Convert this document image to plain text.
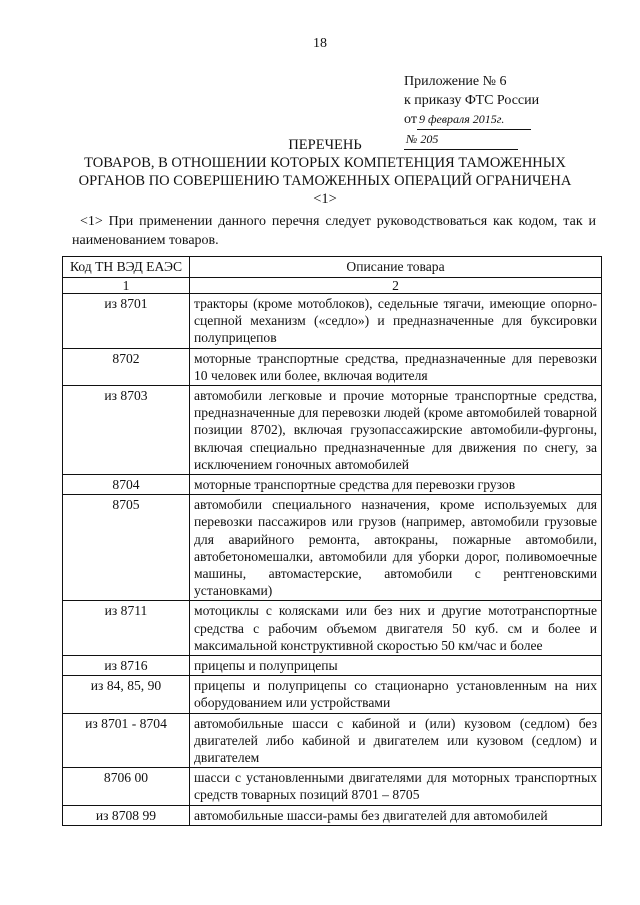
18
Приложение № 6
к приказу ФТС России
от 9 февраля 2015г.№ 205
ПЕРЕЧЕНЬ
ТОВАРОВ, В ОТНОШЕНИИ КОТОРЫХ КОМПЕТЕНЦИЯ ТАМОЖЕННЫХ
ОРГАНОВ ПО СОВЕРШЕНИЮ ТАМОЖЕННЫХ ОПЕРАЦИЙ ОГРАНИЧЕНА
<1>
<1> При применении данного перечня следует руководствоваться как кодом, так и наименованием товаров.
Код ТН ВЭД ЕАЭС	Описание товара
1	2
из 8701	тракторы (кроме мотоблоков), седельные тягачи, имеющие опорно-сцепной механизм («седло») и предназначенные для буксировки полуприцепов
8702	моторные транспортные средства, предназначенные для перевозки 10 человек или более, включая водителя
из 8703	автомобили легковые и прочие моторные транспортные средства, предназначенные для перевозки людей (кроме автомобилей товарной позиции 8702), включая грузопассажирские автомобили-фургоны, включая специально предназначенные для движения по снегу, за исключением гоночных автомобилей
8704	моторные транспортные средства для перевозки грузов
8705	автомобили специального назначения, кроме используемых для перевозки пассажиров или грузов (например, автомобили грузовые для аварийного ремонта, автокраны, пожарные автомобили, автобетономешалки, автомобили для уборки дорог, поливомоечные машины, автомастерские, автомобили с рентгеновскими установками)
из 8711	мотоциклы с колясками или без них и другие мототранспортные средства с рабочим объемом двигателя 50 куб. см и более и максимальной конструктивной скоростью 50 км/час и более
из 8716	прицепы и полуприцепы
из 84, 85, 90	прицепы и полуприцепы со стационарно установленным на них оборудованием или устройствами
из 8701 - 8704	автомобильные шасси с кабиной и (или) кузовом (седлом) без двигателей либо кабиной и двигателем или кузовом (седлом) и двигателем
8706 00	шасси с установленными двигателями для моторных транспортных средств товарных позиций 8701 – 8705
из 8708 99	автомобильные шасси-рамы без двигателей для автомобилей
